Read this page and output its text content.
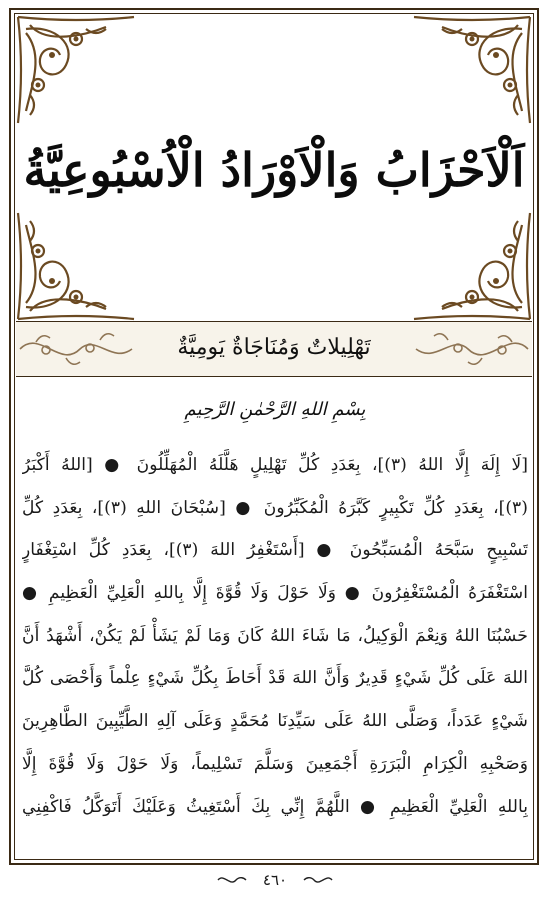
اَلْاَحْزَابُ وَالْاَوْرَادُ الْاُسْبُوعِيَّةُ
تَهْلِيلاتٌ وَمُنَاجَاةٌ يَومِيَّةٌ
بِسْمِ اللهِ الرَّحْمٰنِ الرَّحِيمِ
[لَا إِلَهَ إِلَّا اللهُ (٣)]، بِعَدَدِ كُلِّ تَهْلِيلٍ هَلَّلَهُ الْمُهَلِّلُونَ ● [اللهُ أَكْبَرُ
(٣)]، بِعَدَدِ كُلِّ تَكْبِيرٍ كَبَّرَهُ الْمُكَبِّرُونَ ● [سُبْحَانَ اللهِ (٣)]، بِعَدَدِ كُلِّ
تَسْبِيحٍ سَبَّحَهُ الْمُسَبِّحُونَ ● [أَسْتَغْفِرُ اللهَ (٣)]، بِعَدَدِ كُلِّ اسْتِغْفَارٍ
اسْتَغْفَرَهُ الْمُسْتَغْفِرُونَ ● وَلَا حَوْلَ وَلَا قُوَّةَ إِلَّا بِاللهِ الْعَلِيِّ الْعَظِيمِ ●
حَسْبُنَا اللهُ وَنِعْمَ الْوَكِيلُ، مَا شَاءَ اللهُ كَانَ وَمَا لَمْ يَشَأْ لَمْ يَكُنْ، أَشْهَدُ أَنَّ
اللهَ عَلَى كُلِّ شَيْءٍ قَدِيرٌ وَأَنَّ اللهَ قَدْ أَحَاطَ بِكُلِّ شَيْءٍ عِلْماً وَأَحْصَى كُلَّ
شَيْءٍ عَدَداً، وَصَلَّى اللهُ عَلَى سَيِّدِنَا مُحَمَّدٍ وَعَلَى آلِهِ الطَّيِّبِينَ الطَّاهِرِينَ
وَصَحْبِهِ الْكِرَامِ الْبَرَرَةِ أَجْمَعِينَ وَسَلَّمَ تَسْلِيماً، وَلَا حَوْلَ وَلَا قُوَّةَ إِلَّا
بِاللهِ الْعَلِيِّ الْعَظِيمِ ● اللَّهُمَّ إِنِّي بِكَ أَسْتَغِيثُ وَعَلَيْكَ أَتَوَكَّلُ فَاكْفِنِي
٤٦٠
